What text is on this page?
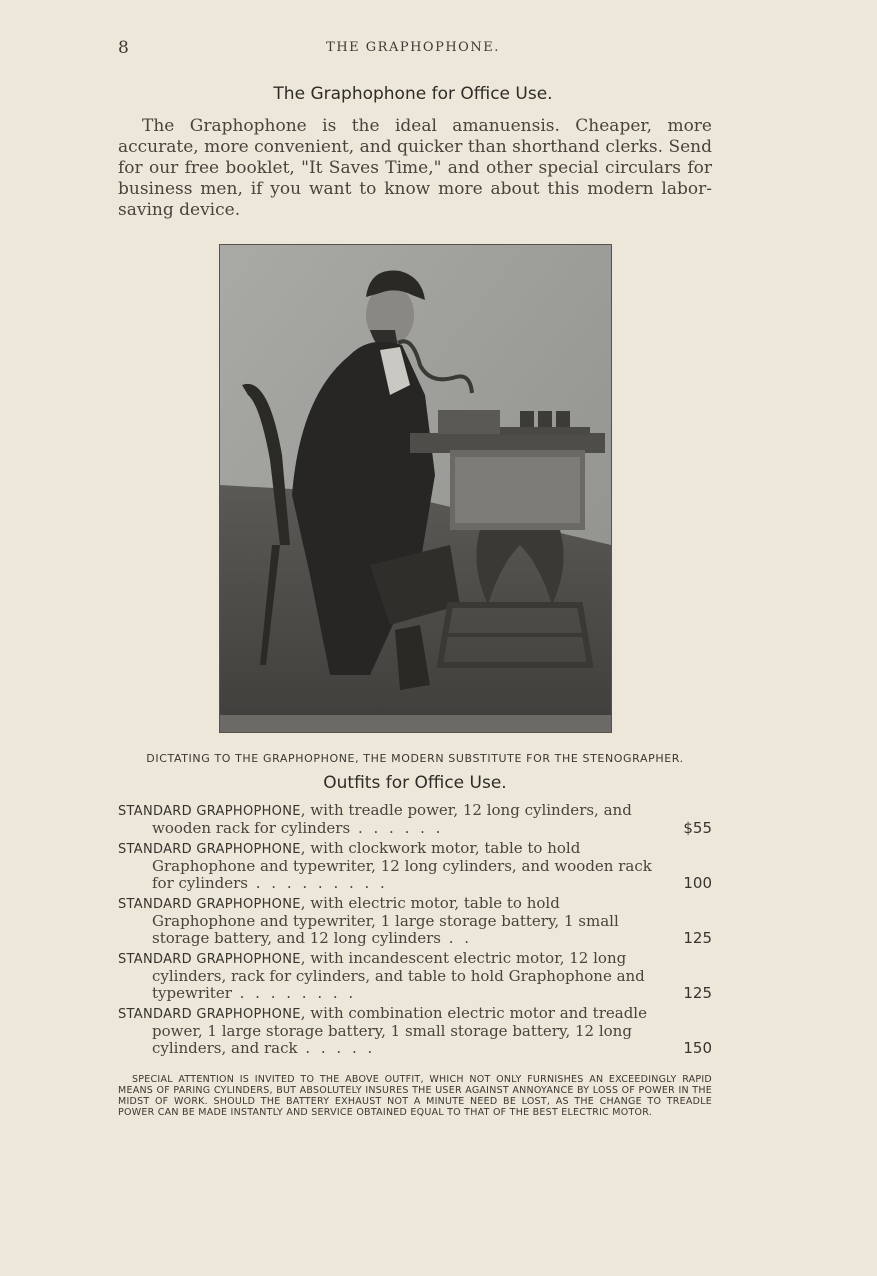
8	THE GRAPHOPHONE.
The Graphophone for Office Use.

The Graphophone is the ideal amanuensis. Cheaper, more accurate, more convenient, and quicker than shorthand clerks. Send for our free booklet, "It Saves Time," and other special circulars for business men, if you want to know more about this modern labor-saving device.

DICTATING TO THE GRAPHOPHONE, THE MODERN SUBSTITUTE FOR THE STENOGRAPHER.
Outfits for Office Use.
STANDARD GRAPHOPHONE, with treadle power, 12 long cylinders, and wooden rack for cylinders . . . . . .	$55
STANDARD GRAPHOPHONE, with clockwork motor, table to hold Graphophone and typewriter, 12 long cylinders, and wooden rack for cylinders . . . . . . . . .	100
STANDARD GRAPHOPHONE, with electric motor, table to hold Graphophone and typewriter, 1 large storage battery, 1 small storage battery, and 12 long cylinders . .	125
STANDARD GRAPHOPHONE, with incandescent electric motor, 12 long cylinders, rack for cylinders, and table to hold Graphophone and typewriter . . . . . . . .	125
STANDARD GRAPHOPHONE, with combination electric motor and treadle power, 1 large storage battery, 1 small storage battery, 12 long cylinders, and rack . . . . .	150

SPECIAL ATTENTION IS INVITED TO THE ABOVE OUTFIT, WHICH NOT ONLY FURNISHES AN EXCEEDINGLY RAPID MEANS OF PARING CYLINDERS, BUT ABSOLUTELY INSURES THE USER AGAINST ANNOYANCE BY LOSS OF POWER IN THE MIDST OF WORK. SHOULD THE BATTERY EXHAUST NOT A MINUTE NEED BE LOST, AS THE CHANGE TO TREADLE POWER CAN BE MADE INSTANTLY AND SERVICE OBTAINED EQUAL TO THAT OF THE BEST ELECTRIC MOTOR.
